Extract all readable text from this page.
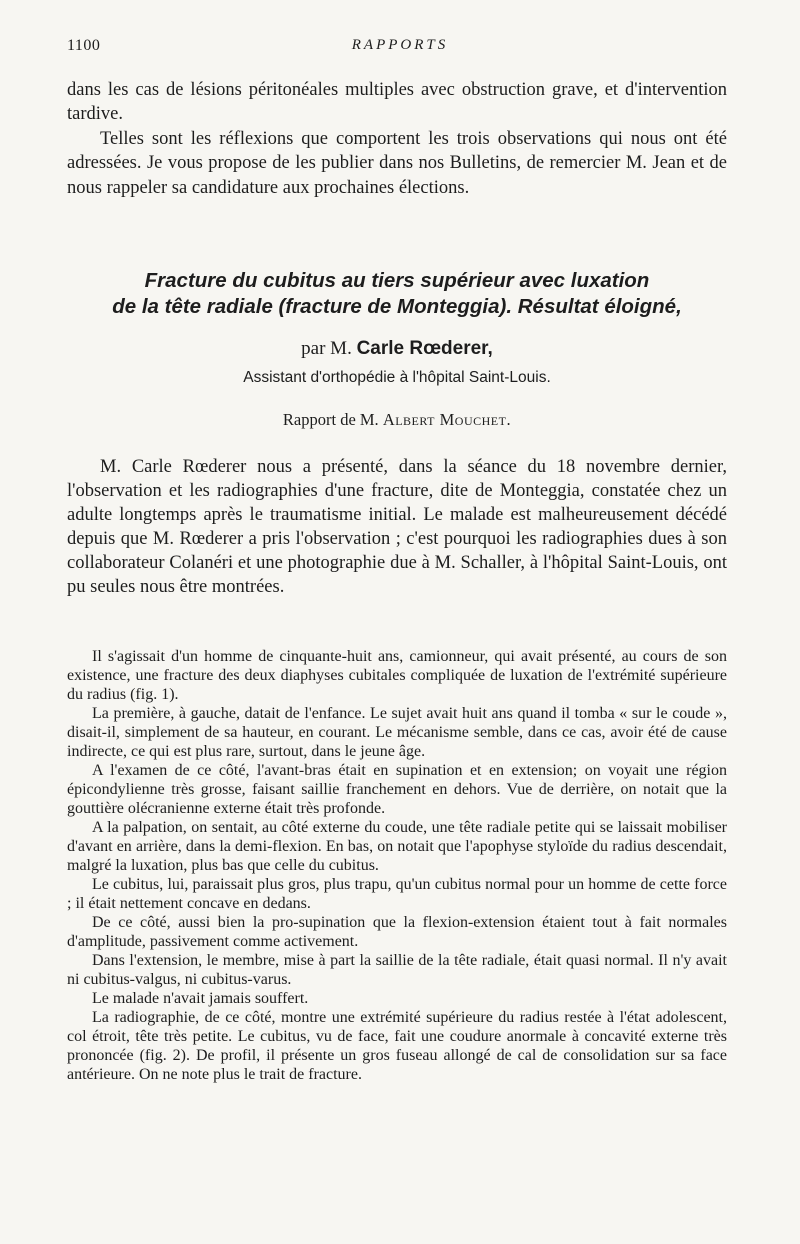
1100	RAPPORTS

dans les cas de lésions péritonéales multiples avec obstruction grave, et d'intervention tardive.

Telles sont les réflexions que comportent les trois observations qui nous ont été adressées. Je vous propose de les publier dans nos Bulletins, de remercier M. Jean et de nous rappeler sa candidature aux prochaines élections.

Fracture du cubitus au tiers supérieur avec luxation
de la tête radiale (fracture de Monteggia). Résultat éloigné,
par M. Carle Rœderer,
Assistant d'orthopédie à l'hôpital Saint-Louis.
Rapport de M. Albert Mouchet.

M. Carle Rœderer nous a présenté, dans la séance du 18 novembre dernier, l'observation et les radiographies d'une fracture, dite de Monteggia, constatée chez un adulte longtemps après le traumatisme initial. Le malade est malheureusement décédé depuis que M. Rœderer a pris l'observation ; c'est pourquoi les radiographies dues à son collaborateur Colanéri et une photographie due à M. Schaller, à l'hôpital Saint-Louis, ont pu seules nous être montrées.

Il s'agissait d'un homme de cinquante-huit ans, camionneur, qui avait présenté, au cours de son existence, une fracture des deux diaphyses cubitales compliquée de luxation de l'extrémité supérieure du radius (fig. 1).

La première, à gauche, datait de l'enfance. Le sujet avait huit ans quand il tomba « sur le coude », disait-il, simplement de sa hauteur, en courant. Le mécanisme semble, dans ce cas, avoir été de cause indirecte, ce qui est plus rare, surtout, dans le jeune âge.

A l'examen de ce côté, l'avant-bras était en supination et en extension; on voyait une région épicondylienne très grosse, faisant saillie franchement en dehors. Vue de derrière, on notait que la gouttière olécranienne externe était très profonde.

A la palpation, on sentait, au côté externe du coude, une tête radiale petite qui se laissait mobiliser d'avant en arrière, dans la demi-flexion. En bas, on notait que l'apophyse styloïde du radius descendait, malgré la luxation, plus bas que celle du cubitus.

Le cubitus, lui, paraissait plus gros, plus trapu, qu'un cubitus normal pour un homme de cette force ; il était nettement concave en dedans.

De ce côté, aussi bien la pro-supination que la flexion-extension étaient tout à fait normales d'amplitude, passivement comme activement.

Dans l'extension, le membre, mise à part la saillie de la tête radiale, était quasi normal. Il n'y avait ni cubitus-valgus, ni cubitus-varus.

Le malade n'avait jamais souffert.

La radiographie, de ce côté, montre une extrémité supérieure du radius restée à l'état adolescent, col étroit, tête très petite. Le cubitus, vu de face, fait une coudure anormale à concavité externe très prononcée (fig. 2). De profil, il présente un gros fuseau allongé de cal de consolidation sur sa face antérieure. On ne note plus le trait de fracture.
